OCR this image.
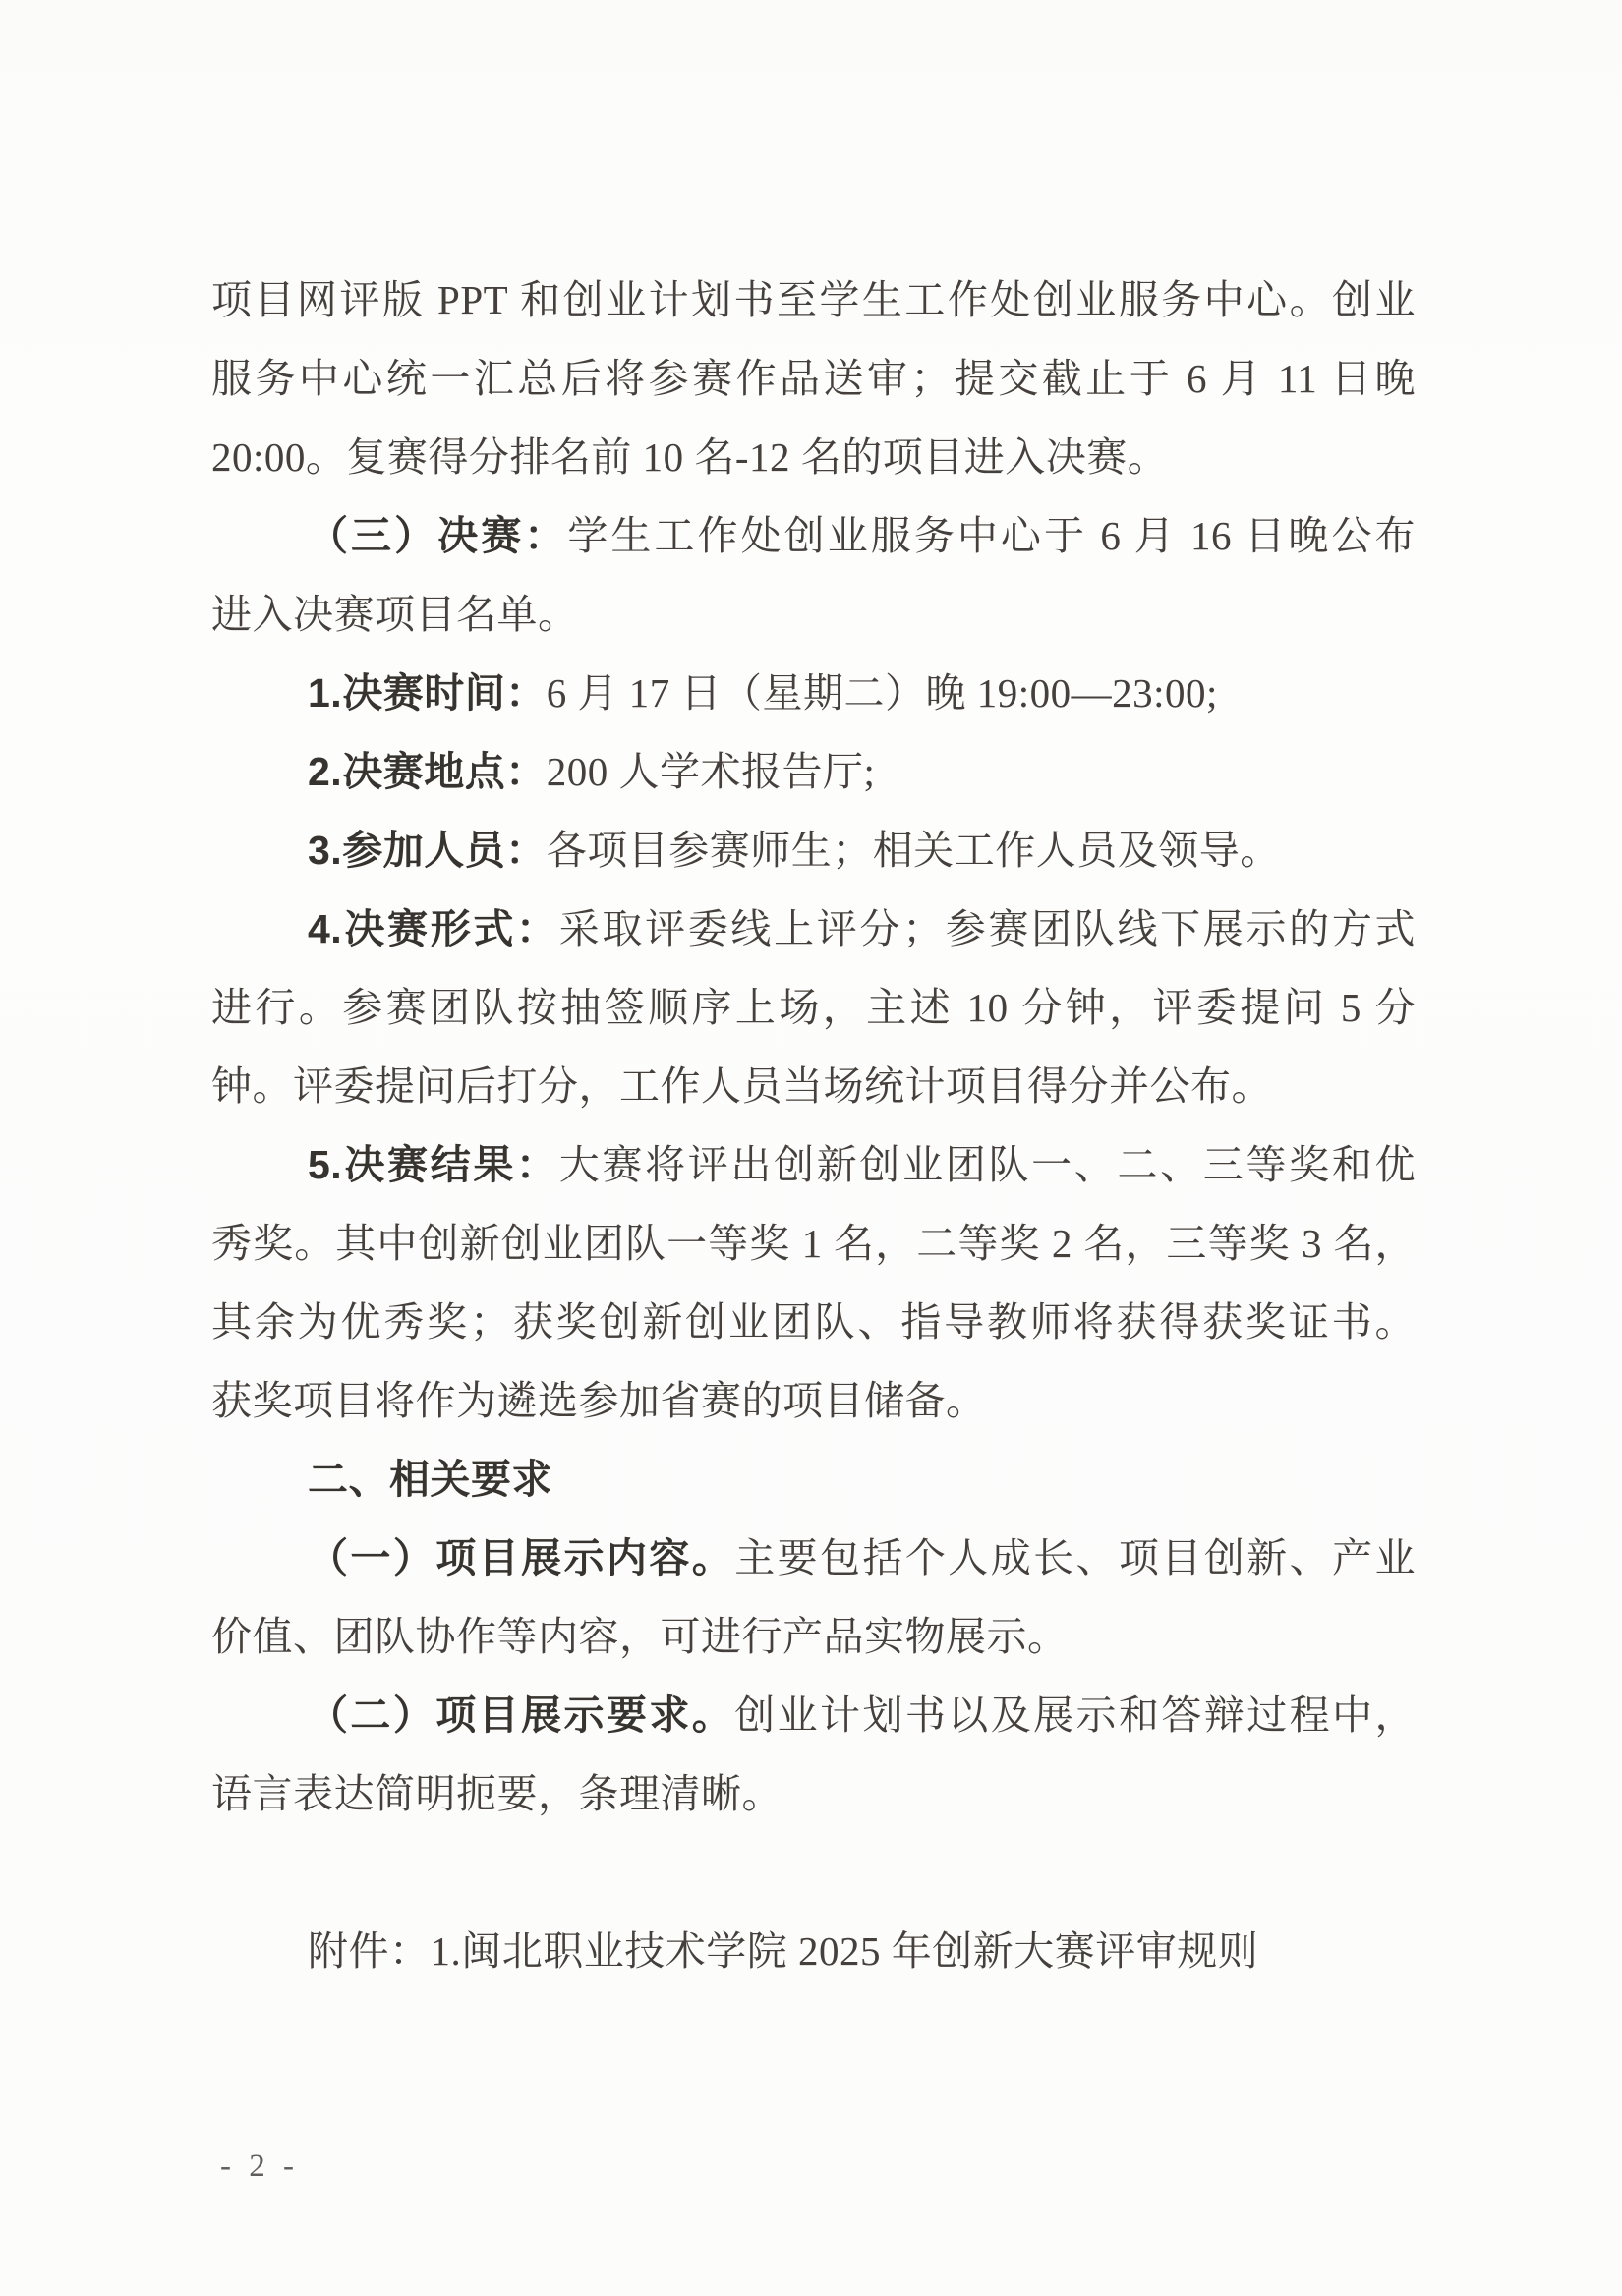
项目网评版 PPT 和创业计划书至学生工作处创业服务中心。创业
服务中心统一汇总后将参赛作品送审；提交截止于 6 月 11 日晚
20:00。复赛得分排名前 10 名-12 名的项目进入决赛。
（三）决赛：学生工作处创业服务中心于 6 月 16 日晚公布
进入决赛项目名单。
1.决赛时间：6 月 17 日（星期二）晚 19:00—23:00;
2.决赛地点：200 人学术报告厅;
3.参加人员：各项目参赛师生；相关工作人员及领导。
4.决赛形式：采取评委线上评分；参赛团队线下展示的方式
进行。参赛团队按抽签顺序上场，主述 10 分钟，评委提问 5 分
钟。评委提问后打分，工作人员当场统计项目得分并公布。
5.决赛结果：大赛将评出创新创业团队一、二、三等奖和优
秀奖。其中创新创业团队一等奖 1 名，二等奖 2 名，三等奖 3 名，
其余为优秀奖；获奖创新创业团队、指导教师将获得获奖证书。
获奖项目将作为遴选参加省赛的项目储备。
二、相关要求
（一）项目展示内容。主要包括个人成长、项目创新、产业
价值、团队协作等内容，可进行产品实物展示。
（二）项目展示要求。创业计划书以及展示和答辩过程中，
语言表达简明扼要，条理清晰。
附件：1.闽北职业技术学院 2025 年创新大赛评审规则
- 2 -
